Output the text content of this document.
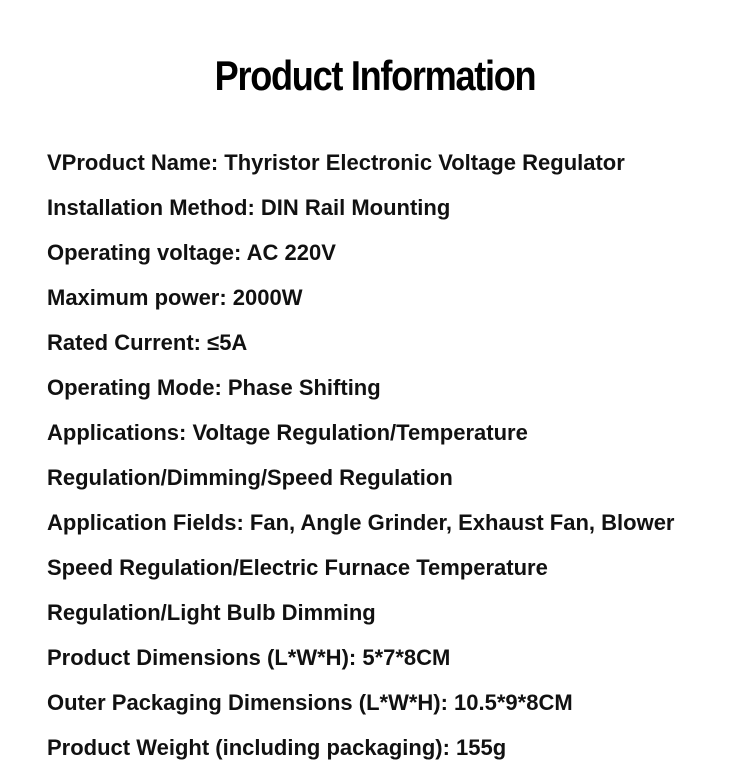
Product Information
VProduct Name: Thyristor Electronic Voltage Regulator
Installation Method: DIN Rail Mounting
Operating voltage: AC 220V
Maximum power: 2000W
Rated Current: ≤5A
Operating Mode: Phase Shifting
Applications: Voltage Regulation/Temperature
Regulation/Dimming/Speed Regulation
Application Fields: Fan, Angle Grinder, Exhaust Fan, Blower
Speed Regulation/Electric Furnace Temperature
Regulation/Light Bulb Dimming
Product Dimensions (L*W*H): 5*7*8CM
Outer Packaging Dimensions (L*W*H): 10.5*9*8CM
Product Weight (including packaging): 155g
